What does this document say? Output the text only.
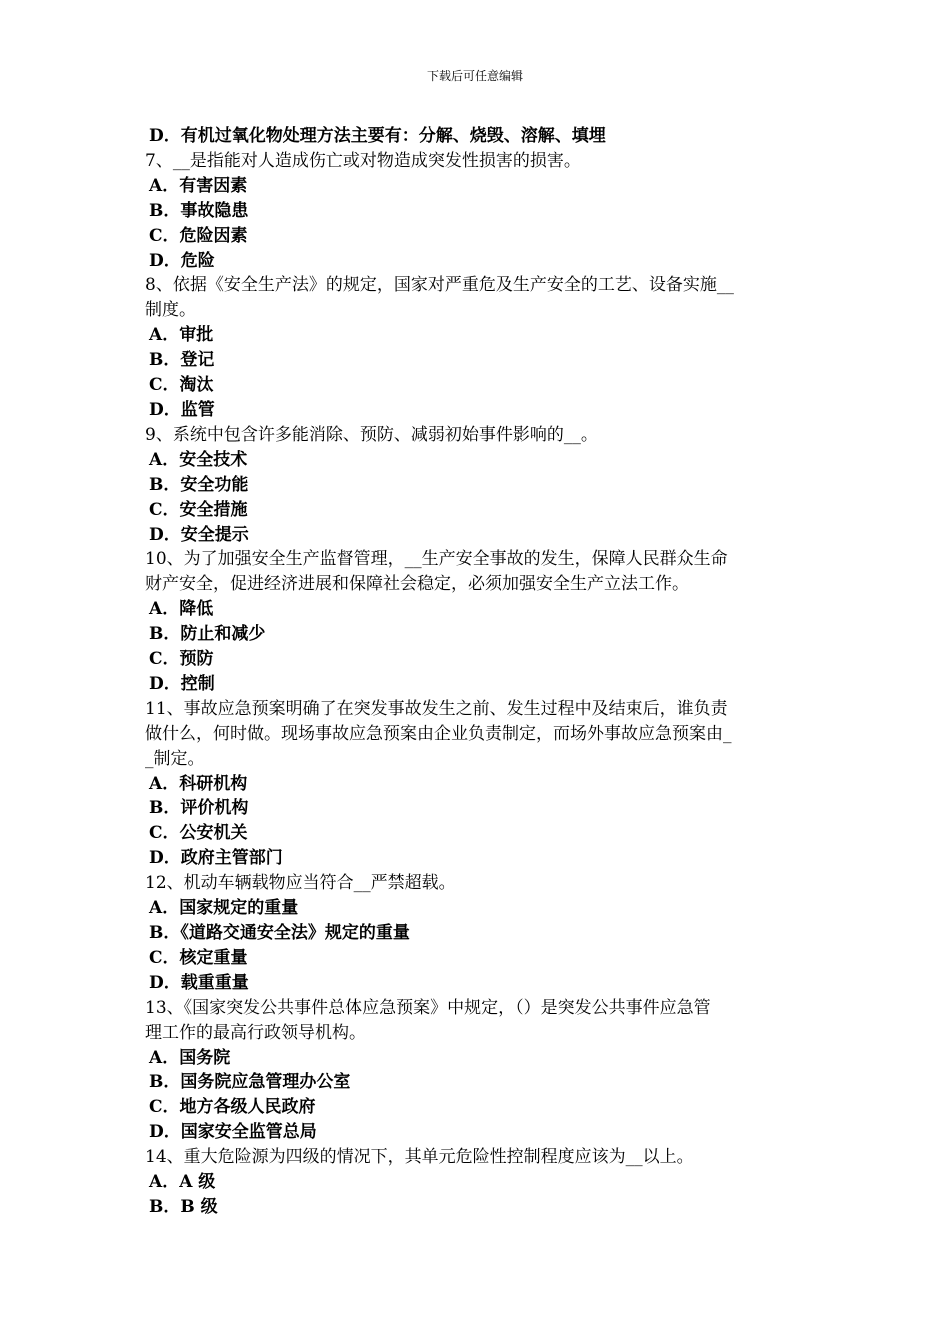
下载后可任意编辑
D．有机过氧化物处理方法主要有：分解、烧毁、溶解、填埋
7、__是指能对人造成伤亡或对物造成突发性损害的损害。
A．有害因素
B．事故隐患
C．危险因素
D．危险
8、依据《安全生产法》的规定，国家对严重危及生产安全的工艺、设备实施__
制度。
A．审批
B．登记
C．淘汰
D．监管
9、系统中包含许多能消除、预防、减弱初始事件影响的__。
A．安全技术
B．安全功能
C．安全措施
D．安全提示
10、为了加强安全生产监督管理，__生产安全事故的发生，保障人民群众生命
财产安全，促进经济进展和保障社会稳定，必须加强安全生产立法工作。
A．降低
B．防止和减少
C．预防
D．控制
11、事故应急预案明确了在突发事故发生之前、发生过程中及结束后，谁负责
做什么，何时做。现场事故应急预案由企业负责制定，而场外事故应急预案由_
_制定。
A．科研机构
B．评价机构
C．公安机关
D．政府主管部门
12、机动车辆载物应当符合__严禁超载。
A．国家规定的重量
B．《道路交通安全法》规定的重量
C．核定重量
D．载重重量
13、《国家突发公共事件总体应急预案》中规定，（）是突发公共事件应急管
理工作的最高行政领导机构。
A．国务院
B．国务院应急管理办公室
C．地方各级人民政府
D．国家安全监管总局
14、重大危险源为四级的情况下，其单元危险性控制程度应该为__以上。
A．A 级
B．B 级
